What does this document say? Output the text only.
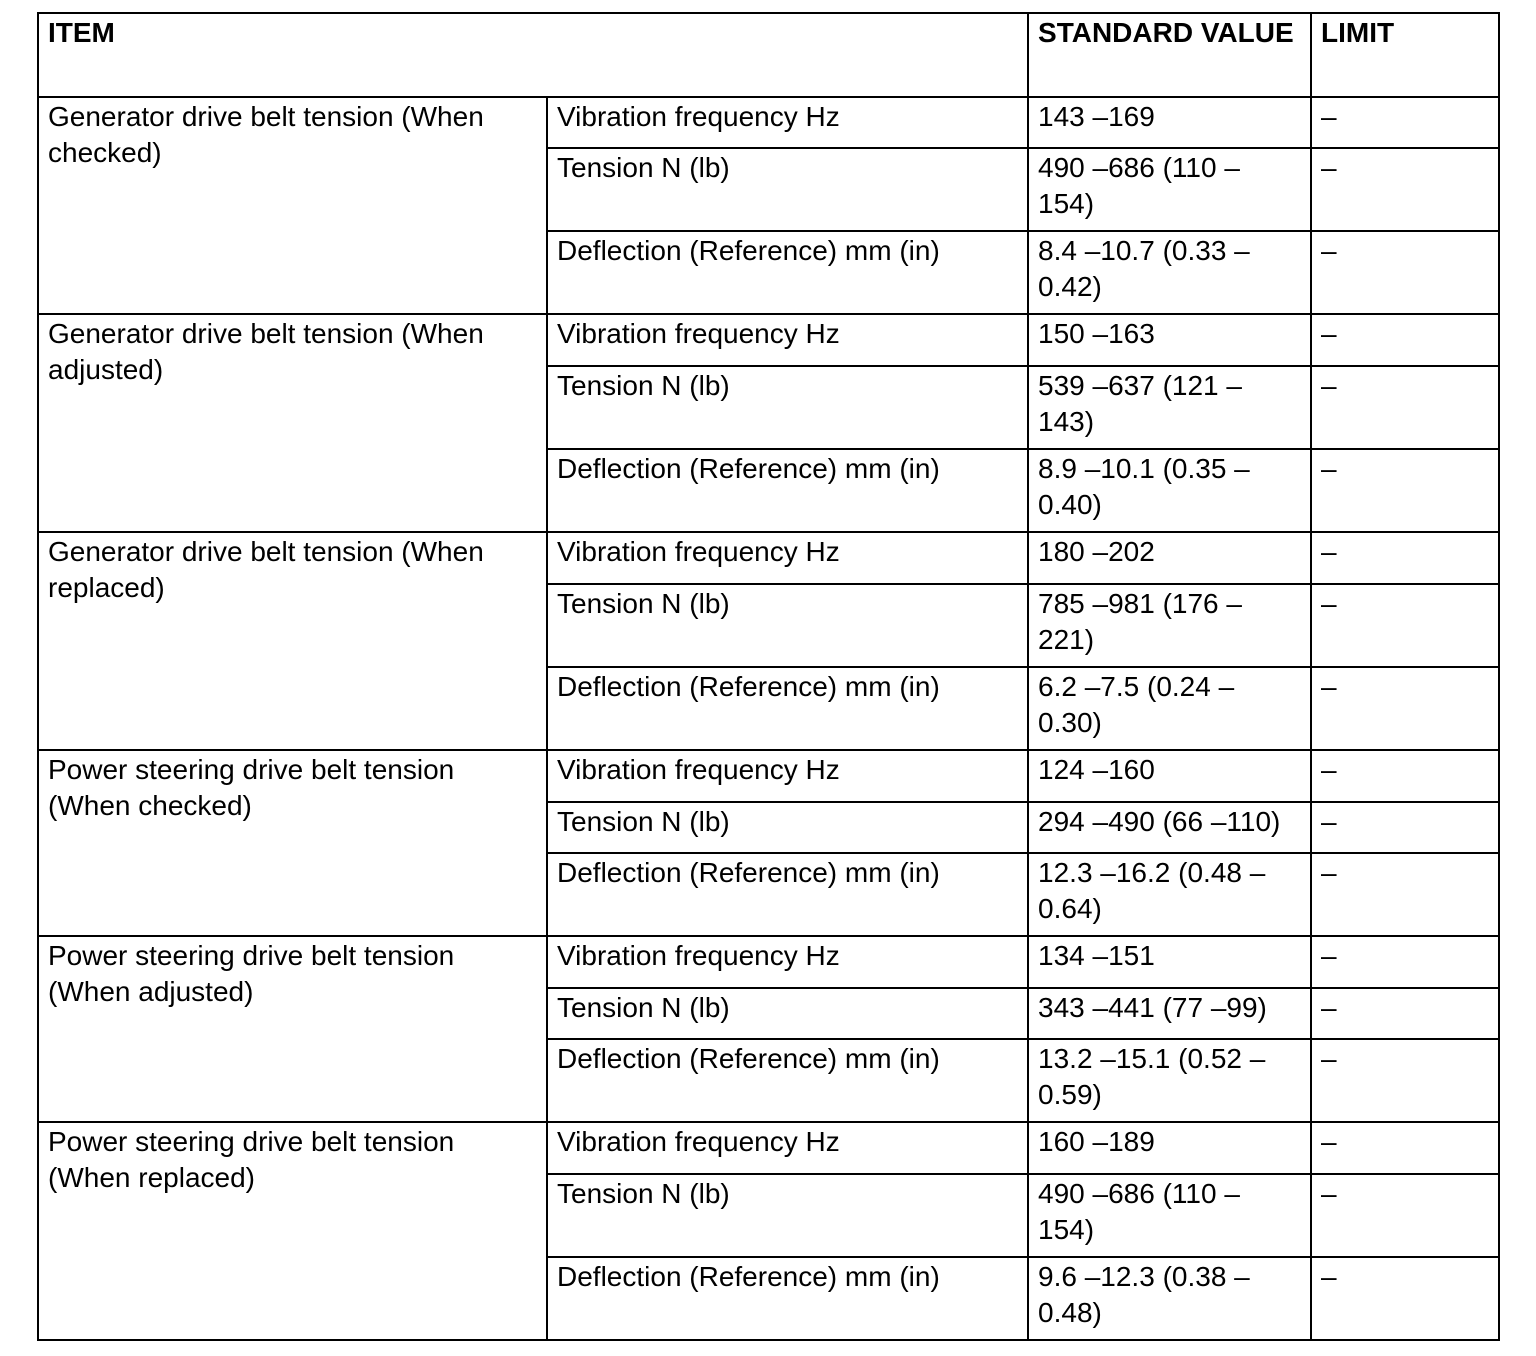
ITEM		STANDARD VALUE	LIMIT
Generator drive belt tension (When checked)	Vibration frequency Hz	143 –169	–
	Tension N (lb)	490 –686 (110 – 154)	–
	Deflection (Reference) mm (in)	8.4 –10.7 (0.33 – 0.42)	–
Generator drive belt tension (When adjusted)	Vibration frequency Hz	150 –163	–
	Tension N (lb)	539 –637 (121 – 143)	–
	Deflection (Reference) mm (in)	8.9 –10.1 (0.35 – 0.40)	–
Generator drive belt tension (When replaced)	Vibration frequency Hz	180 –202	–
	Tension N (lb)	785 –981 (176 – 221)	–
	Deflection (Reference) mm (in)	6.2 –7.5 (0.24 – 0.30)	–
Power steering drive belt tension (When checked)	Vibration frequency Hz	124 –160	–
	Tension N (lb)	294 –490 (66 –110)	–
	Deflection (Reference) mm (in)	12.3 –16.2 (0.48 – 0.64)	–
Power steering drive belt tension (When adjusted)	Vibration frequency Hz	134 –151	–
	Tension N (lb)	343 –441 (77 –99)	–
	Deflection (Reference) mm (in)	13.2 –15.1 (0.52 – 0.59)	–
Power steering drive belt tension (When replaced)	Vibration frequency Hz	160 –189	–
	Tension N (lb)	490 –686 (110 – 154)	–
	Deflection (Reference) mm (in)	9.6 –12.3 (0.38 – 0.48)	–
